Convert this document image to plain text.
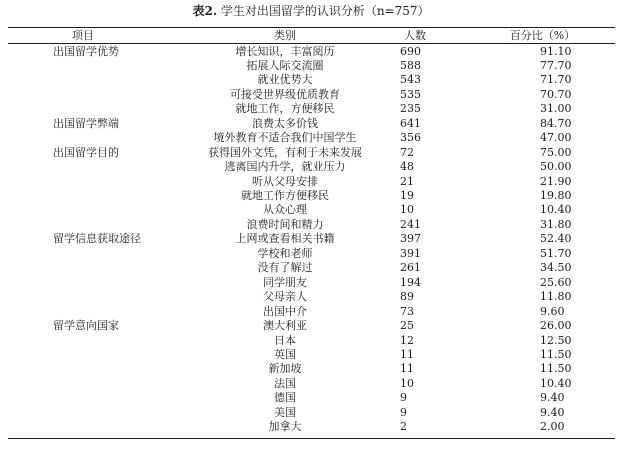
表2. 学生对出国留学的认识分析（n=757）
项目	类别	人数	百分比（%）
出国留学优势	增长知识，丰富阅历	690	91.10
拓展人际交流圈	588	77.70
就业优势大	543	71.70
可接受世界级优质教育	535	70.70
就地工作，方便移民	235	31.00
出国留学弊端	浪费太多价钱	641	84.70
境外教育不适合我们中国学生	356	47.00
出国留学目的	获得国外文凭，有利于未来发展	72	75.00
逃离国内升学，就业压力	48	50.00
听从父母安排	21	21.90
就地工作方便移民	19	19.80
从众心理	10	10.40
浪费时间和精力	241	31.80
留学信息获取途径	上网或查看相关书籍	397	52.40
学校和老师	391	51.70
没有了解过	261	34.50
同学朋友	194	25.60
父母亲人	89	11.80
出国中介	73	9.60
留学意向国家	澳大利亚	25	26.00
日本	12	12.50
英国	11	11.50
新加坡	11	11.50
法国	10	10.40
德国	9	9.40
美国	9	9.40
加拿大	2	2.00
